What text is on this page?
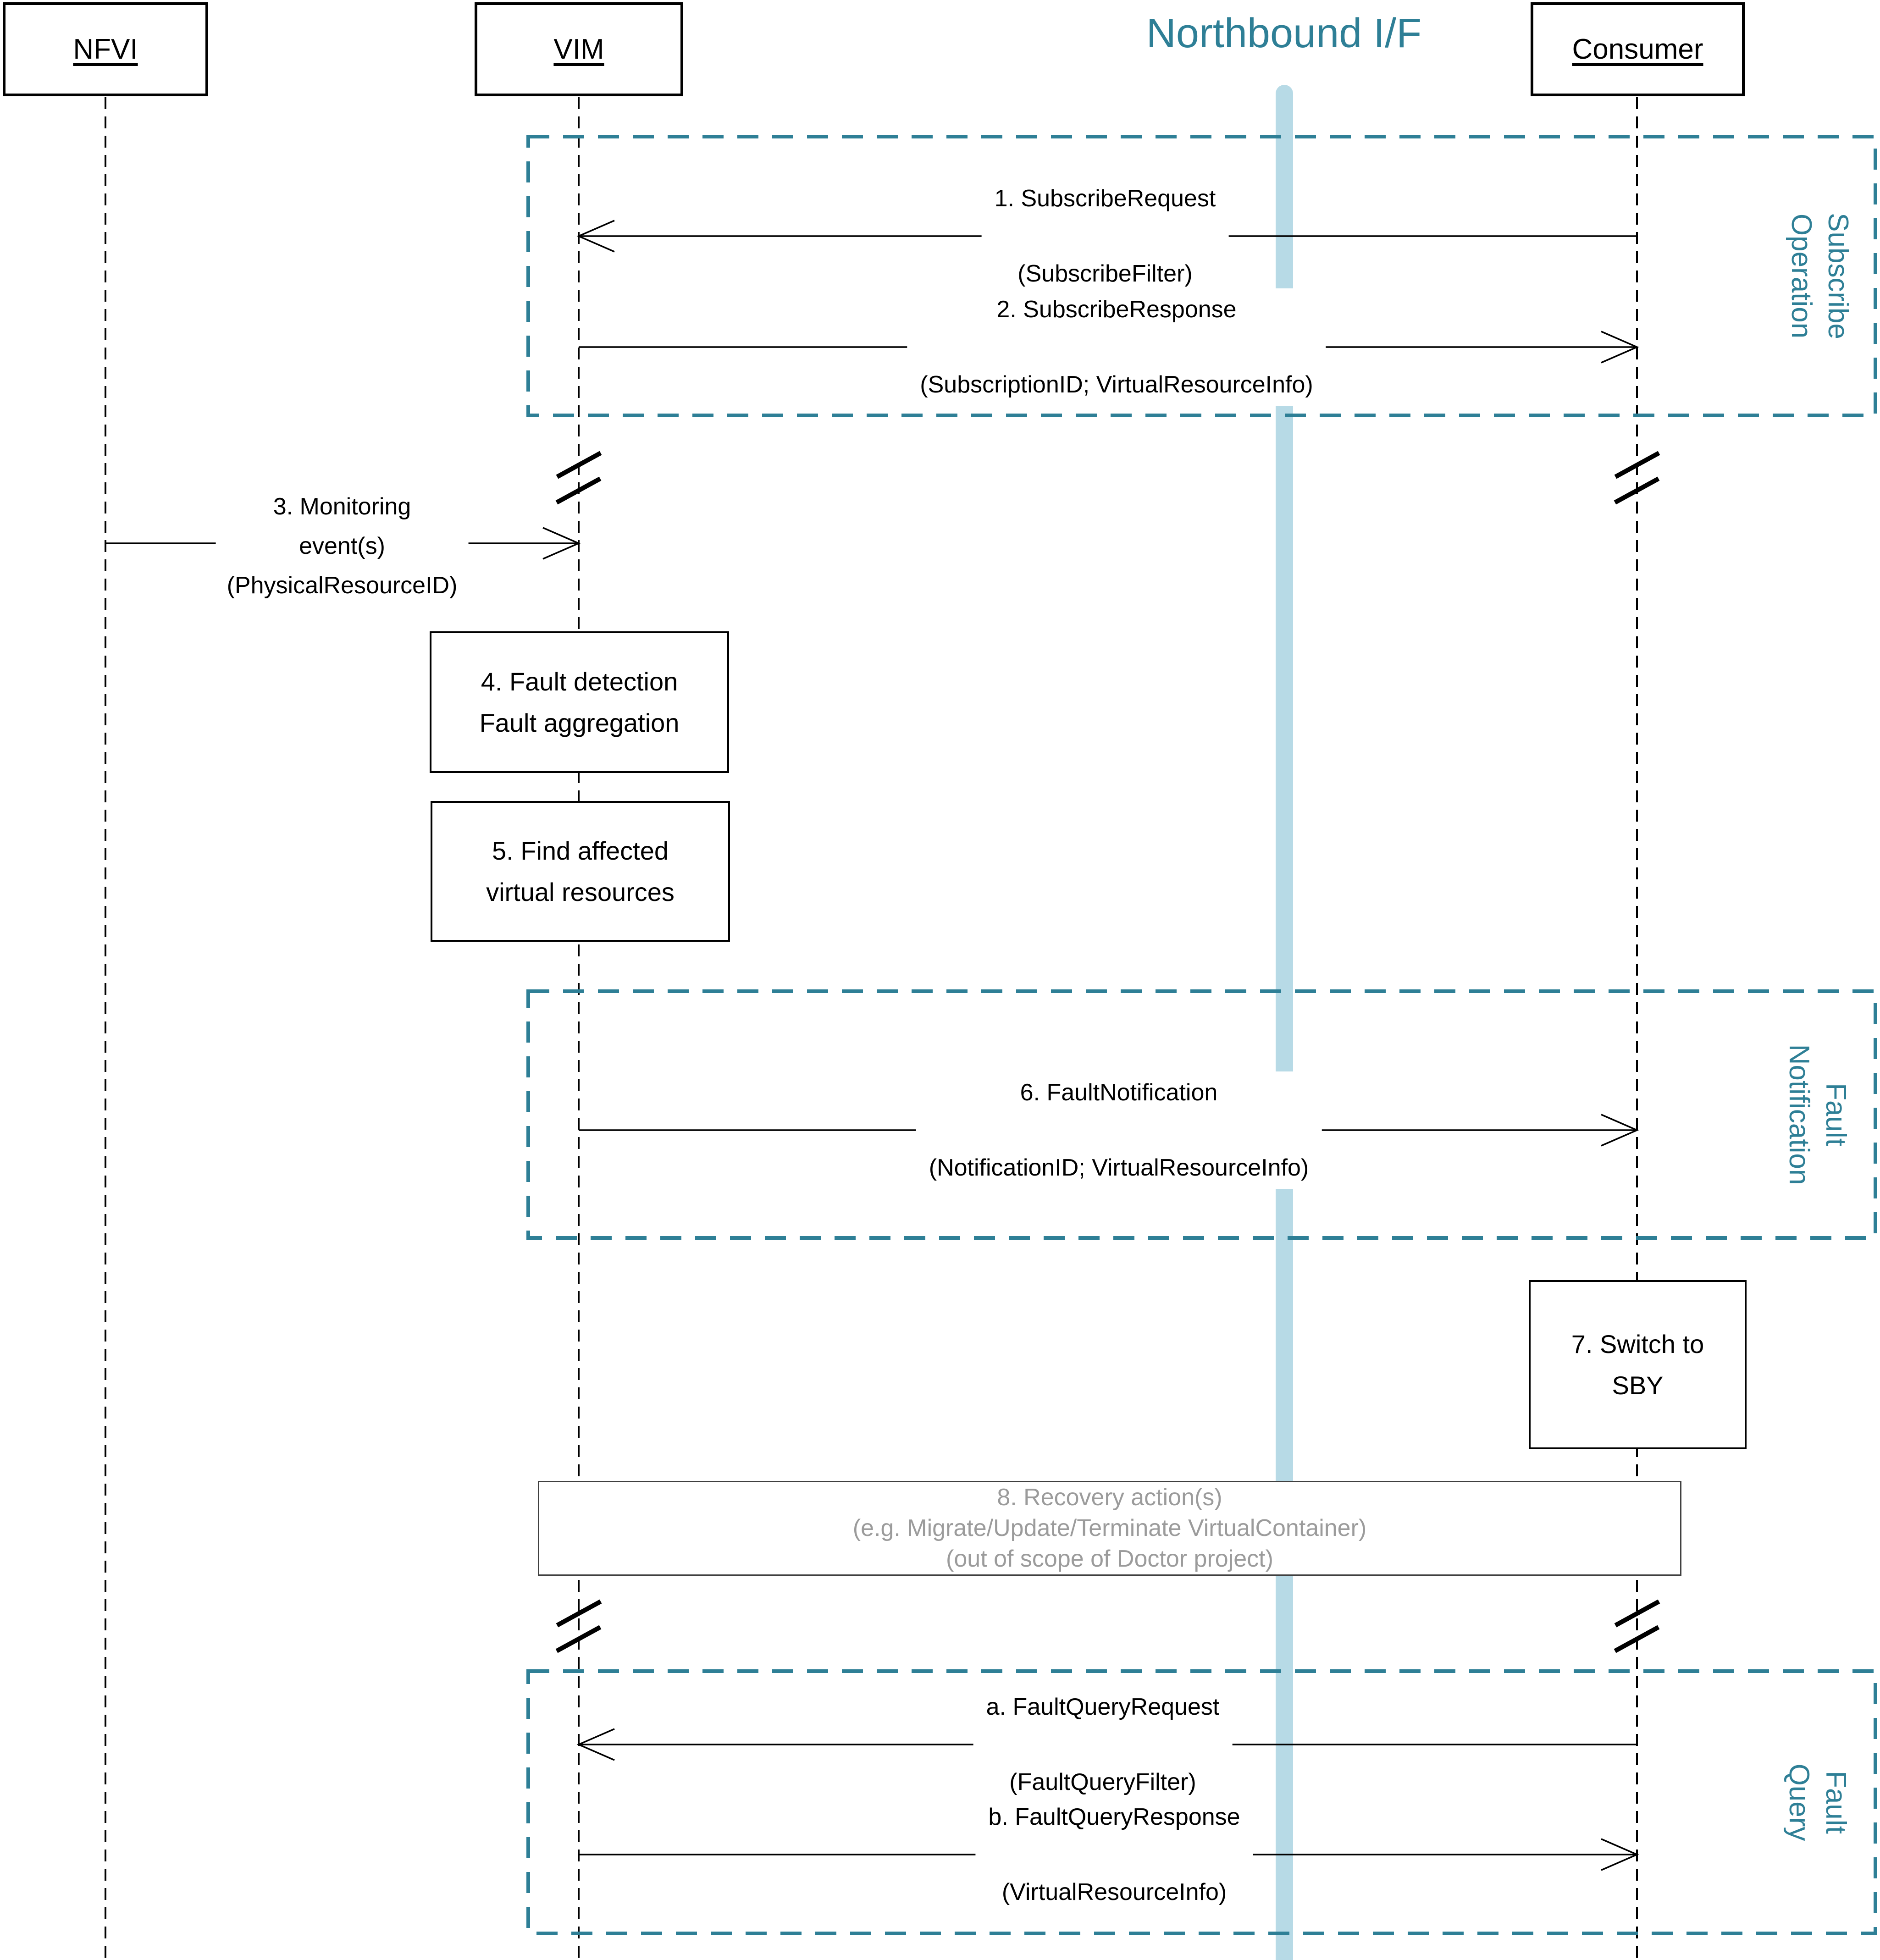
NFVI	VIM	Consumer
Northbound I/F
Subscribe
Operation
Fault
Notification
Fault
Query
1. SubscribeRequest
(SubscribeFilter)
2. SubscribeResponse
(SubscriptionID; VirtualResourceInfo)
3. Monitoring
event(s)
(PhysicalResourceID)
6. FaultNotification
(NotificationID; VirtualResourceInfo)
a. FaultQueryRequest
(FaultQueryFilter)
b. FaultQueryResponse
(VirtualResourceInfo)
4. Fault detection
Fault aggregation
5. Find affected
virtual resources
7. Switch to
SBY
8. Recovery action(s)
(e.g. Migrate/Update/Terminate VirtualContainer)
(out of scope of Doctor project)
